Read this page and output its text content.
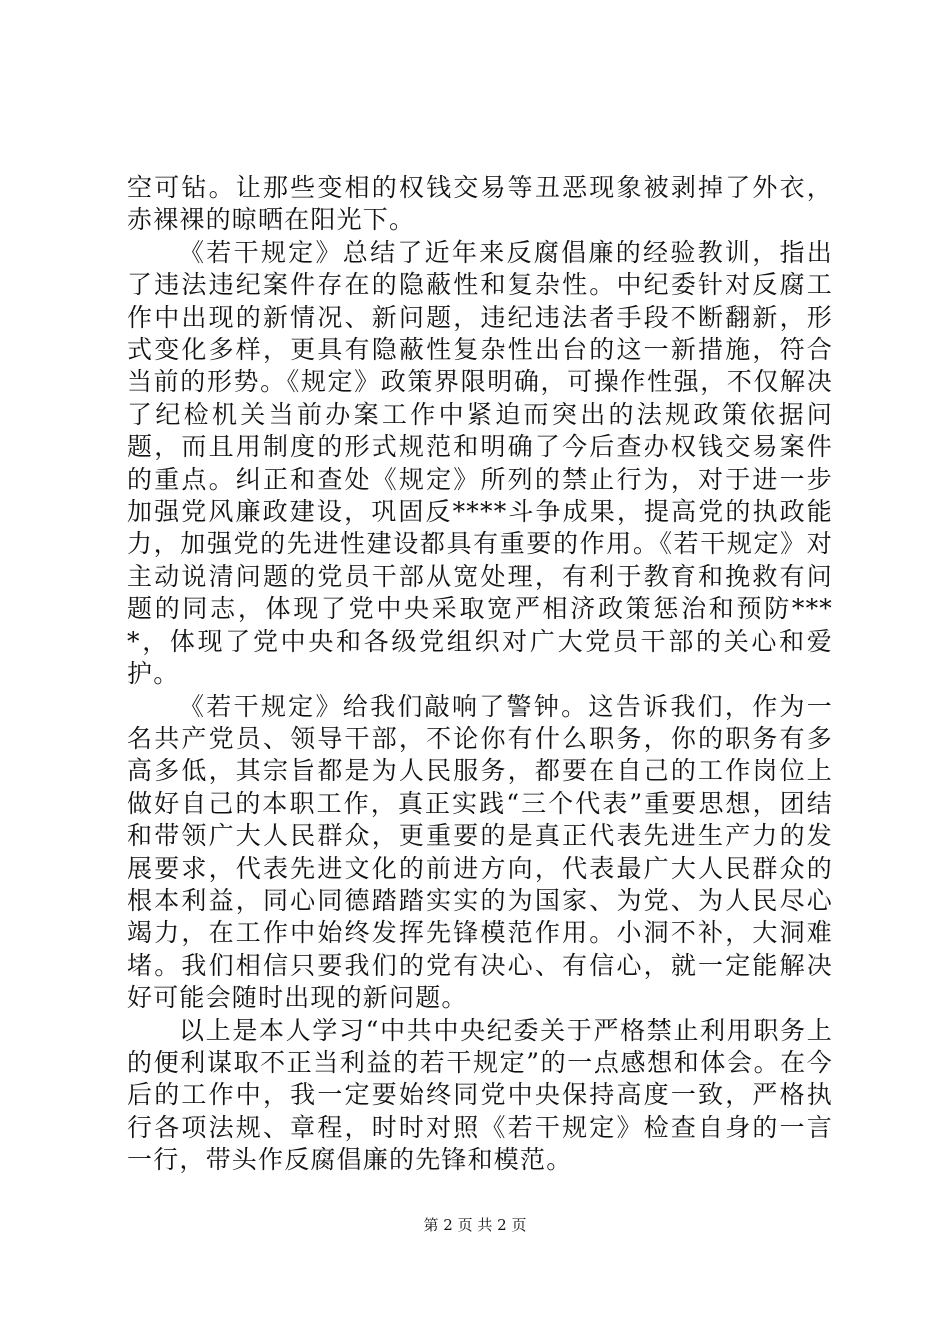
空可钻。让那些变相的权钱交易等丑恶现象被剥掉了外衣，赤裸裸的晾晒在阳光下。

《若干规定》总结了近年来反腐倡廉的经验教训，指出了违法违纪案件存在的隐蔽性和复杂性。中纪委针对反腐工作中出现的新情况、新问题，违纪违法者手段不断翻新，形式变化多样，更具有隐蔽性复杂性出台的这一新措施，符合当前的形势。《规定》政策界限明确，可操作性强，不仅解决了纪检机关当前办案工作中紧迫而突出的法规政策依据问题，而且用制度的形式规范和明确了今后查办权钱交易案件的重点。纠正和查处《规定》所列的禁止行为，对于进一步加强党风廉政建设，巩固反****斗争成果，提高党的执政能力，加强党的先进性建设都具有重要的作用。《若干规定》对主动说清问题的党员干部从宽处理，有利于教育和挽救有问题的同志，体现了党中央采取宽严相济政策惩治和预防****，体现了党中央和各级党组织对广大党员干部的关心和爱护。

《若干规定》给我们敲响了警钟。这告诉我们，作为一名共产党员、领导干部，不论你有什么职务，你的职务有多高多低，其宗旨都是为人民服务，都要在自己的工作岗位上做好自己的本职工作，真正实践“三个代表”重要思想，团结和带领广大人民群众，更重要的是真正代表先进生产力的发展要求，代表先进文化的前进方向，代表最广大人民群众的根本利益，同心同德踏踏实实的为国家、为党、为人民尽心竭力，在工作中始终发挥先锋模范作用。小洞不补，大洞难堵。我们相信只要我们的党有决心、有信心，就一定能解决好可能会随时出现的新问题。

以上是本人学习“中共中央纪委关于严格禁止利用职务上的便利谋取不正当利益的若干规定”的一点感想和体会。在今后的工作中，我一定要始终同党中央保持高度一致，严格执行各项法规、章程，时时对照《若干规定》检查自身的一言一行，带头作反腐倡廉的先锋和模范。

第 2 页 共 2 页
